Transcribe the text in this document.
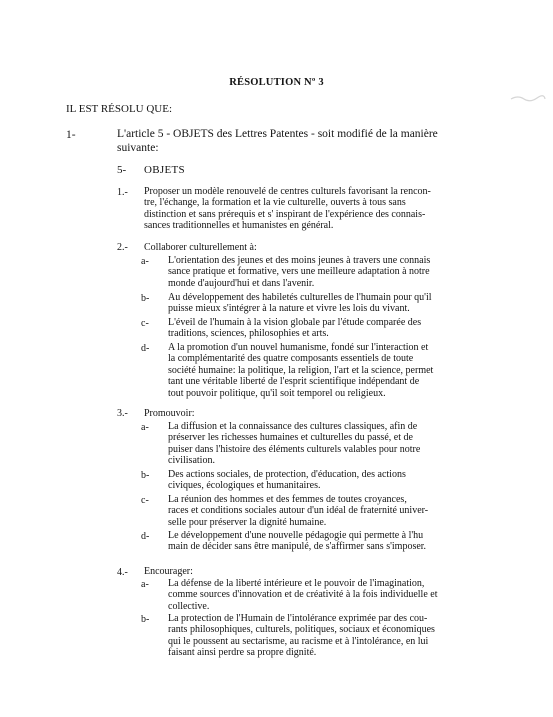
RÉSOLUTION Nº 3
IL EST RÉSOLU QUE:
1-	L'article 5 - OBJETS des Lettres Patentes - soit modifié de la manière
suivante:
5- OBJETS
1.- Proposer un modèle renouvelé de centres culturels favorisant la rencon-
tre, l'échange, la formation et la vie culturelle, ouverts à tous sans
distinction et sans prérequis et s' inspirant de l'expérience des connais-
sances traditionnelles et humanistes en général.
2.- Collaborer culturellement à:
a- L'orientation des jeunes et des moins jeunes à travers une connais
sance pratique et formative, vers une meilleure adaptation à notre
monde d'aujourd'hui et dans l'avenir.
b- Au développement des habiletés culturelles de l'humain pour qu'il
puisse mieux s'intégrer à la nature et vivre les lois du vivant.
c- L'éveil de l'humain à la vision globale par l'étude comparée des
traditions, sciences, philosophies et arts.
d- A la promotion d'un nouvel humanisme, fondé sur l'interaction et
la complémentarité des quatre composants essentiels de toute
société humaine: la politique, la religion, l'art et la science, permet
tant une véritable liberté de l'esprit scientifique indépendant de
tout pouvoir politique, qu'il soit temporel ou religieux.
3.- Promouvoir:
a- La diffusion et la connaissance des cultures classiques, afin de
préserver les richesses humaines et culturelles du passé, et de
puiser dans l'histoire des éléments culturels valables pour notre
civilisation.
b- Des actions sociales, de protection, d'éducation, des actions
civiques, écologiques et humanitaires.
c- La réunion des hommes et des femmes de toutes croyances,
races et conditions sociales autour d'un idéal de fraternité univer-
selle pour préserver la dignité humaine.
d- Le développement d'une nouvelle pédagogie qui permette à l'hu
main de décider sans être manipulé, de s'affirmer sans s'imposer.
4.- Encourager:
a- La défense de la liberté intérieure et le pouvoir de l'imagination,
comme sources d'innovation et de créativité à la fois individuelle et
collective.
b- La protection de l'Humain de l'intolérance exprimée par des cou-
rants philosophiques, culturels, politiques, sociaux et économiques
qui le poussent au sectarisme, au racisme et à l'intolérance, en lui
faisant ainsi perdre sa propre dignité.
